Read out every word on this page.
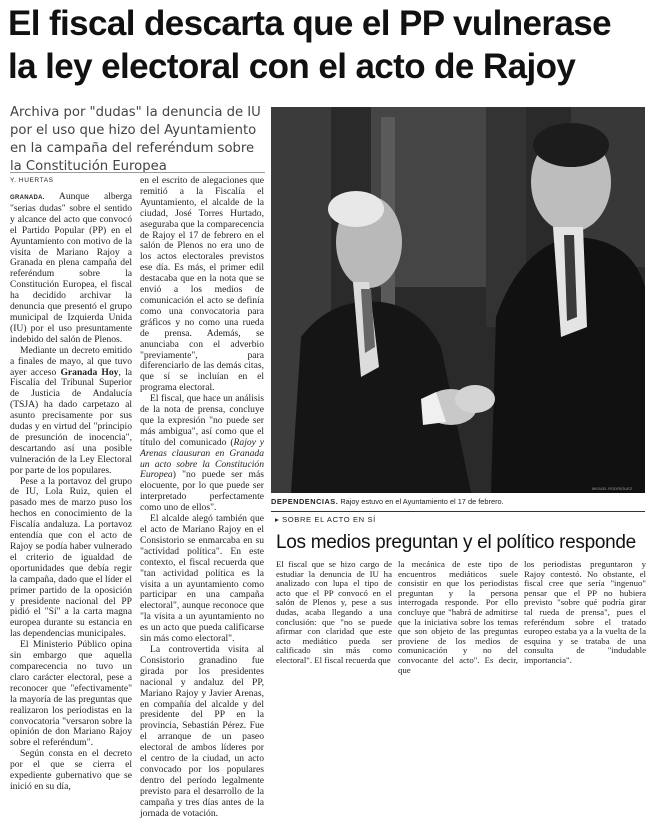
El fiscal descarta que el PP vulnerase
la ley electoral con el acto de Rajoy
Archiva por "dudas" la denuncia de IU por el uso que hizo del Ayuntamiento en la campaña del referéndum sobre la Constitución Europea
Y. HUERTAS

GRANADA. Aunque alberga "serias dudas" sobre el sentido y alcance del acto que convocó el Partido Popular (PP) en el Ayuntamiento con motivo de la visita de Mariano Rajoy a Granada en plena campaña del referéndum sobre la Constitución Europea, el fiscal ha decidido archivar la denuncia que presentó el grupo municipal de Izquierda Unida (IU) por el uso presuntamente indebido del salón de Plenos.

Mediante un decreto emitido a finales de mayo, al que tuvo ayer acceso Granada Hoy, la Fiscalía del Tribunal Superior de Justicia de Andalucía (TSJA) ha dado carpetazo al asunto precisamente por sus dudas y en virtud del "principio de presunción de inocencia", descartando así una posible vulneración de la Ley Electoral por parte de los populares.

Pese a la portavoz del grupo de IU, Lola Ruiz, quien el pasado mes de marzo puso los hechos en conocimiento de la Fiscalía andaluza. La portavoz entendía que con el acto de Rajoy se podía haber vulnerado el criterio de igualdad de oportunidades que debía regir la campaña, dado que el líder el primer partido de la oposición y presidente nacional del PP pidió el "Sí" a la carta magna europea durante su estancia en las dependencias municipales.

El Ministerio Público opina sin embargo que aquella comparecencia no tuvo un claro carácter electoral, pese a reconocer que "efectivamente" la mayoría de las preguntas que realizaron los periodistas en la convocatoria "versaron sobre la opinión de don Mariano Rajoy sobre el referéndum".

Según consta en el decreto por el que se cierra el expediente gubernativo que se inició en su día,

en el escrito de alegaciones que remitió a la Fiscalía el Ayuntamiento, el alcalde de la ciudad, José Torres Hurtado, aseguraba que la comparecencia de Rajoy el 17 de febrero en el salón de Plenos no era uno de los actos electorales previstos ese día. Es más, el primer edil destacaba que en la nota que se envió a los medios de comunicación el acto se definía como una convocatoria para gráficos y no como una rueda de prensa. Además, se anunciaba con el adverbio "previamente", para diferenciarlo de las demás citas, que sí se incluían en el programa electoral.

El fiscal, que hace un análisis de la nota de prensa, concluye que la expresión "no puede ser más ambigua", así como que el título del comunicado (Rajoy y Arenas clausuran en Granada un acto sobre la Constitución Europea) "no puede ser más elocuente, por lo que puede ser interpretado perfectamente como uno de ellos".

El alcalde alegó también que el acto de Mariano Rajoy en el Consistorio se enmarcaba en su "actividad política". En este contexto, el fiscal recuerda que "tan actividad política es la visita a un ayuntamiento como participar en una campaña electoral", aunque reconoce que "la visita a un ayuntamiento no es un acto que pueda calificarse sin más como electoral".

La controvertida visita al Consistorio granadino fue girada por los presidentes nacional y andaluz del PP, Mariano Rajoy y Javier Arenas, en compañía del alcalde y del presidente del PP en la provincia, Sebastián Pérez. Fue el arranque de un paseo electoral de ambos líderes por el centro de la ciudad, un acto convocado por los populares dentro del período legalmente previsto para el desarrollo de la campaña y tres días antes de la jornada de votación.

MIGUEL RODRÍGUEZ
DEPENDENCIAS. Rajoy estuvo en el Ayuntamiento el 17 de febrero.
▸ SOBRE EL ACTO EN SÍ
Los medios preguntan y el político responde

El fiscal que se hizo cargo de estudiar la denuncia de IU ha analizado con lupa el tipo de acto que el PP convocó en el salón de Plenos y, pese a sus dudas, acaba llegando a una conclusión: que "no se puede afirmar con claridad que este acto mediático pueda ser calificado sin más como electoral". El fiscal recuerda que

la mecánica de este tipo de encuentros mediáticos suele consistir en que los periodistas preguntan y la persona interrogada responde. Por ello concluye que "habrá de admitirse que la iniciativa sobre los temas que son objeto de las preguntas proviene de los medios de comunicación y no del convocante del acto". Es decir, que

los periodistas preguntaron y Rajoy contestó. No obstante, el fiscal cree que sería "ingenuo" pensar que el PP no hubiera previsto "sobre qué podría girar tal rueda de prensa", pues el referéndum sobre el tratado europeo estaba ya a la vuelta de la esquina y se trataba de una consulta de "indudable importancia".
